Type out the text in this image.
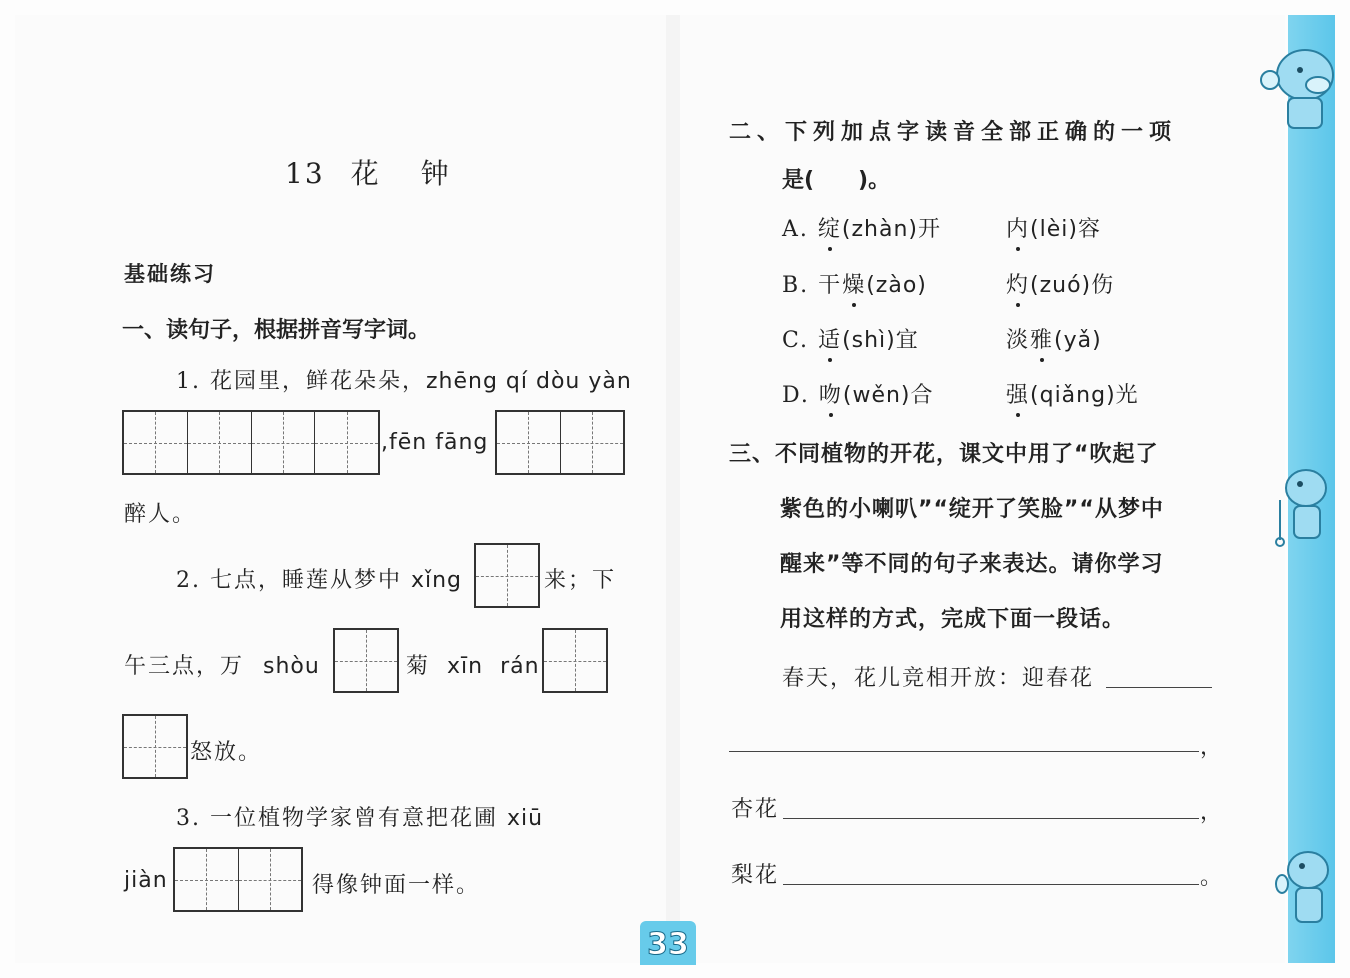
13 花 钟
基础练习
一、读句子，根据拼音写字词。
1. 花园里，鲜花朵朵，zhēng qí dòu yàn
,fēn fāng
醉人。
2. 七点，睡莲从梦中 xǐng	来；下
午三点，万 shòu	菊 xīn rán
怒放。
3. 一位植物学家曾有意把花圃 xiū
jiàn	得像钟面一样。
二、下列加点字读音全部正确的一项
是(　　)。
A. 绽(zhàn)开	内(lèi)容
B. 干燥(zào)	灼(zuó)伤
C. 适(shì)宜	淡雅(yǎ)
D. 吻(wěn)合	强(qiǎng)光
三、不同植物的开花，课文中用了“吹起了
紫色的小喇叭”“绽开了笑脸”“从梦中
醒来”等不同的句子来表达。请你学习
用这样的方式，完成下面一段话。
春天，花儿竞相开放：迎春花
，
杏花	，
梨花	。
33
